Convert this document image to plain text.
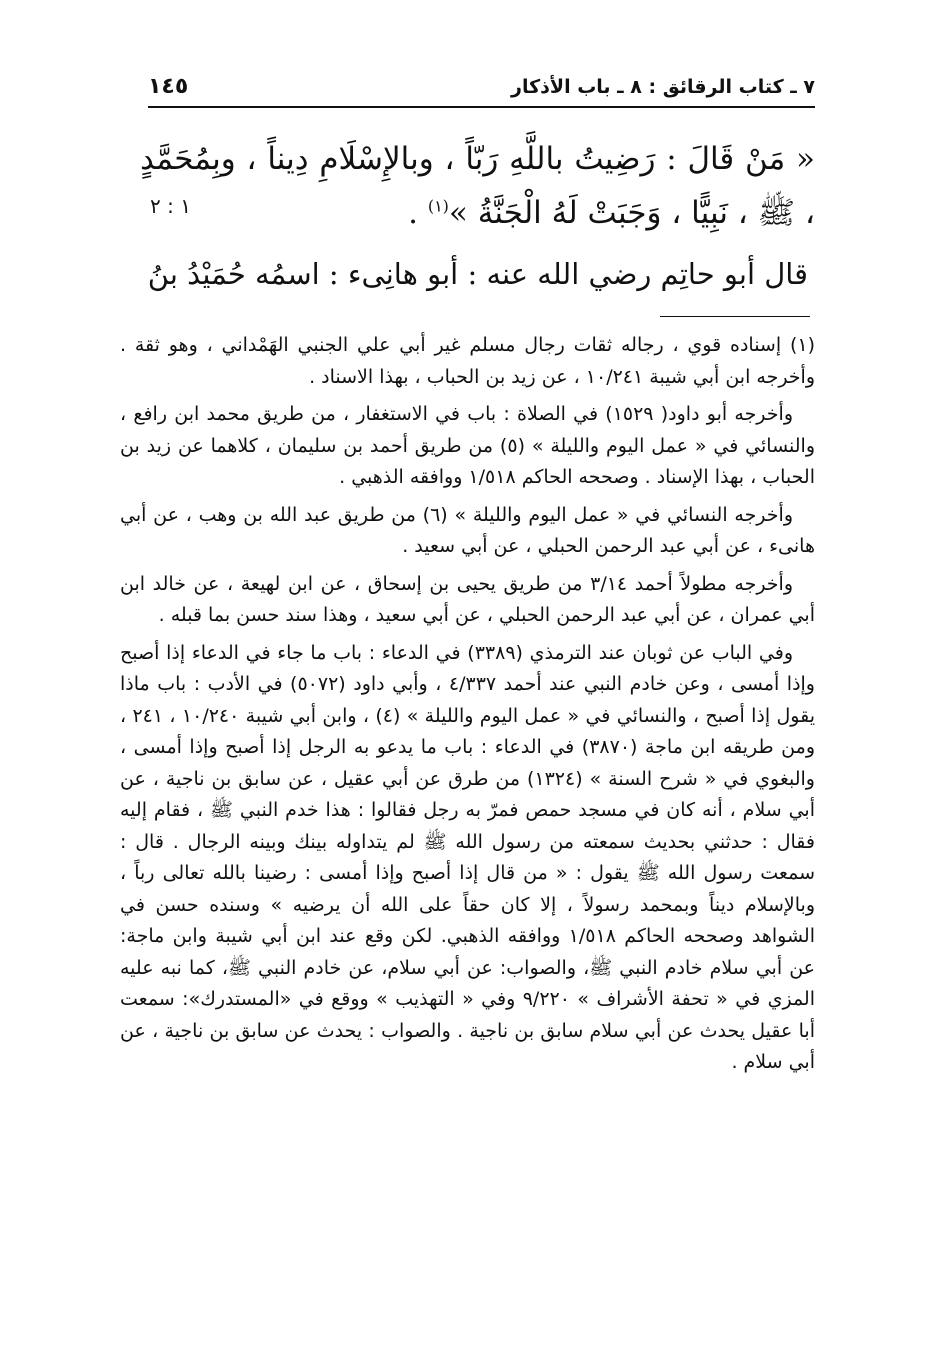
٧ ـ كتاب الرقائق : ٨ ـ باب الأذكار
١٤٥
« مَنْ قَالَ : رَضِيتُ باللَّهِ رَبّاً ، وبالإِسْلَامِ دِيناً ، وبِمُحَمَّدٍ ، ﷺ ، نَبِيًّا ، وَجَبَتْ لَهُ الْجَنَّةُ »$^{(١)}$ .
١ : ٢
قال أبو حاتِم رضي الله عنه : أبو هانِىء : اسمُه حُمَيْدُ بنُ

(١) إسناده قوي ، رجاله ثقات رجال مسلم غير أبي علي الجنبي الهَمْداني ، وهو ثقة . وأخرجه ابن أبي شيبة ١٠/٢٤١ ، عن زيد بن الحباب ، بهذا الاسناد .

وأخرجه أبو داود( ١٥٢٩) في الصلاة : باب في الاستغفار ، من طريق محمد ابن رافع ، والنسائي في « عمل اليوم والليلة » (٥) من طريق أحمد بن سليمان ، كلاهما عن زيد بن الحباب ، بهذا الإسناد . وصححه الحاكم ١/٥١٨ ووافقه الذهبي .

وأخرجه النسائي في « عمل اليوم والليلة » (٦) من طريق عبد الله بن وهب ، عن أبي هانىء ، عن أبي عبد الرحمن الحبلي ، عن أبي سعيد .

وأخرجه مطولاً أحمد ٣/١٤ من طريق يحيى بن إسحاق ، عن ابن لهيعة ، عن خالد ابن أبي عمران ، عن أبي عبد الرحمن الحبلي ، عن أبي سعيد ، وهذا سند حسن بما قبله .

وفي الباب عن ثوبان عند الترمذي (٣٣٨٩) في الدعاء : باب ما جاء في الدعاء إذا أصبح وإذا أمسى ، وعن خادم النبي عند أحمد ٤/٣٣٧ ، وأبي داود (٥٠٧٢) في الأدب : باب ماذا يقول إذا أصبح ، والنسائي في « عمل اليوم والليلة » (٤) ، وابن أبي شيبة ١٠/٢٤٠ ، ٢٤١ ، ومن طريقه ابن ماجة (٣٨٧٠) في الدعاء : باب ما يدعو به الرجل إذا أصبح وإذا أمسى ، والبغوي في « شرح السنة » (١٣٢٤) من طرق عن أبي عقيل ، عن سابق بن ناجية ، عن أبي سلام ، أنه كان في مسجد حمص فمرّ به رجل فقالوا : هذا خدم النبي ﷺ ، فقام إليه فقال : حدثني بحديث سمعته من رسول الله ﷺ لم يتداوله بينك وبينه الرجال . قال : سمعت رسول الله ﷺ يقول : « من قال إذا أصبح وإذا أمسى : رضينا بالله تعالى رباً ، وبالإسلام ديناً وبمحمد رسولاً ، إلا كان حقاً على الله أن يرضيه » وسنده حسن في الشواهد وصححه الحاكم ١/٥١٨ ووافقه الذهبي. لكن وقع عند ابن أبي شيبة وابن ماجة: عن أبي سلام خادم النبي ﷺ، والصواب: عن أبي سلام، عن خادم النبي ﷺ، كما نبه عليه المزي في « تحفة الأشراف » ٩/٢٢٠ وفي « التهذيب » ووقع في «المستدرك»: سمعت أبا عقيل يحدث عن أبي سلام سابق بن ناجية . والصواب : يحدث عن سابق بن ناجية ، عن أبي سلام .
